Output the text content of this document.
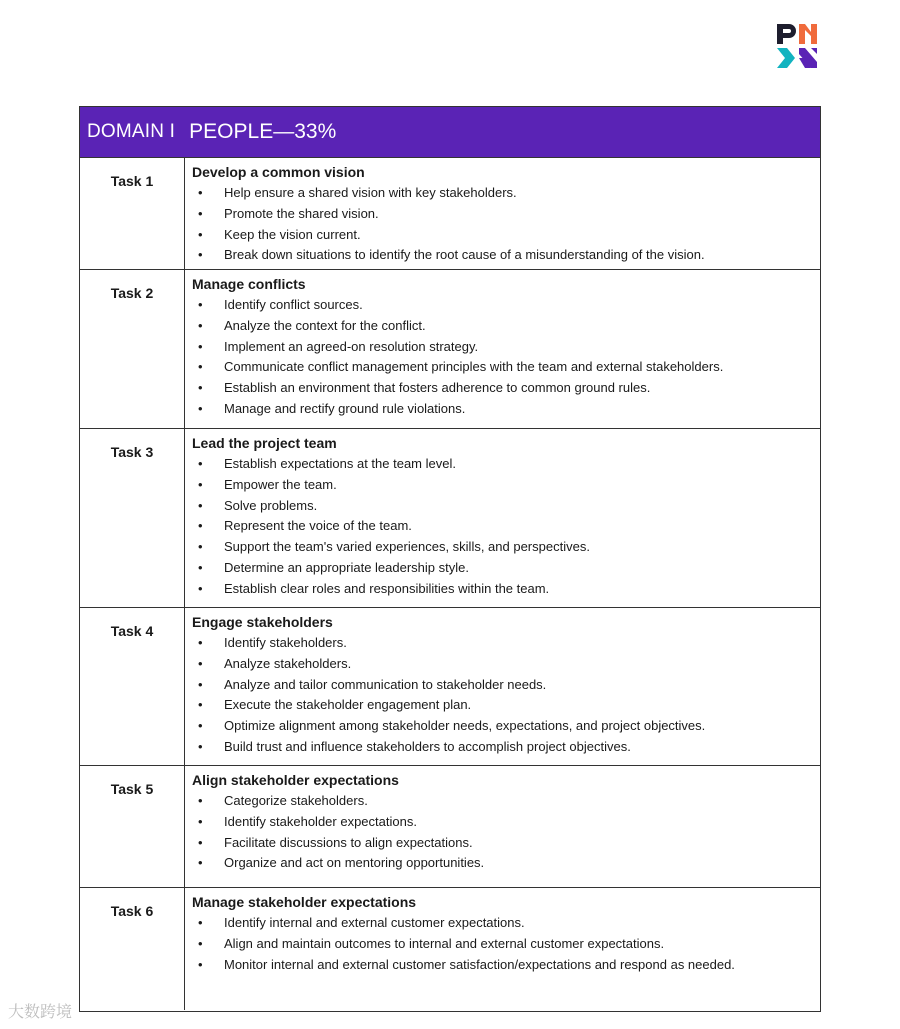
DOMAIN I PEOPLE—33%
Task 1
Develop a common vision
• Help ensure a shared vision with key stakeholders.
• Promote the shared vision.
• Keep the vision current.
• Break down situations to identify the root cause of a misunderstanding of the vision.
Task 2
Manage conflicts
• Identify conflict sources.
• Analyze the context for the conflict.
• Implement an agreed-on resolution strategy.
• Communicate conflict management principles with the team and external stakeholders.
• Establish an environment that fosters adherence to common ground rules.
• Manage and rectify ground rule violations.
Task 3
Lead the project team
• Establish expectations at the team level.
• Empower the team.
• Solve problems.
• Represent the voice of the team.
• Support the team's varied experiences, skills, and perspectives.
• Determine an appropriate leadership style.
• Establish clear roles and responsibilities within the team.
Task 4
Engage stakeholders
• Identify stakeholders.
• Analyze stakeholders.
• Analyze and tailor communication to stakeholder needs.
• Execute the stakeholder engagement plan.
• Optimize alignment among stakeholder needs, expectations, and project objectives.
• Build trust and influence stakeholders to accomplish project objectives.
Task 5
Align stakeholder expectations
• Categorize stakeholders.
• Identify stakeholder expectations.
• Facilitate discussions to align expectations.
• Organize and act on mentoring opportunities.
Task 6
Manage stakeholder expectations
• Identify internal and external customer expectations.
• Align and maintain outcomes to internal and external customer expectations.
• Monitor internal and external customer satisfaction/expectations and respond as needed.
大数跨境
